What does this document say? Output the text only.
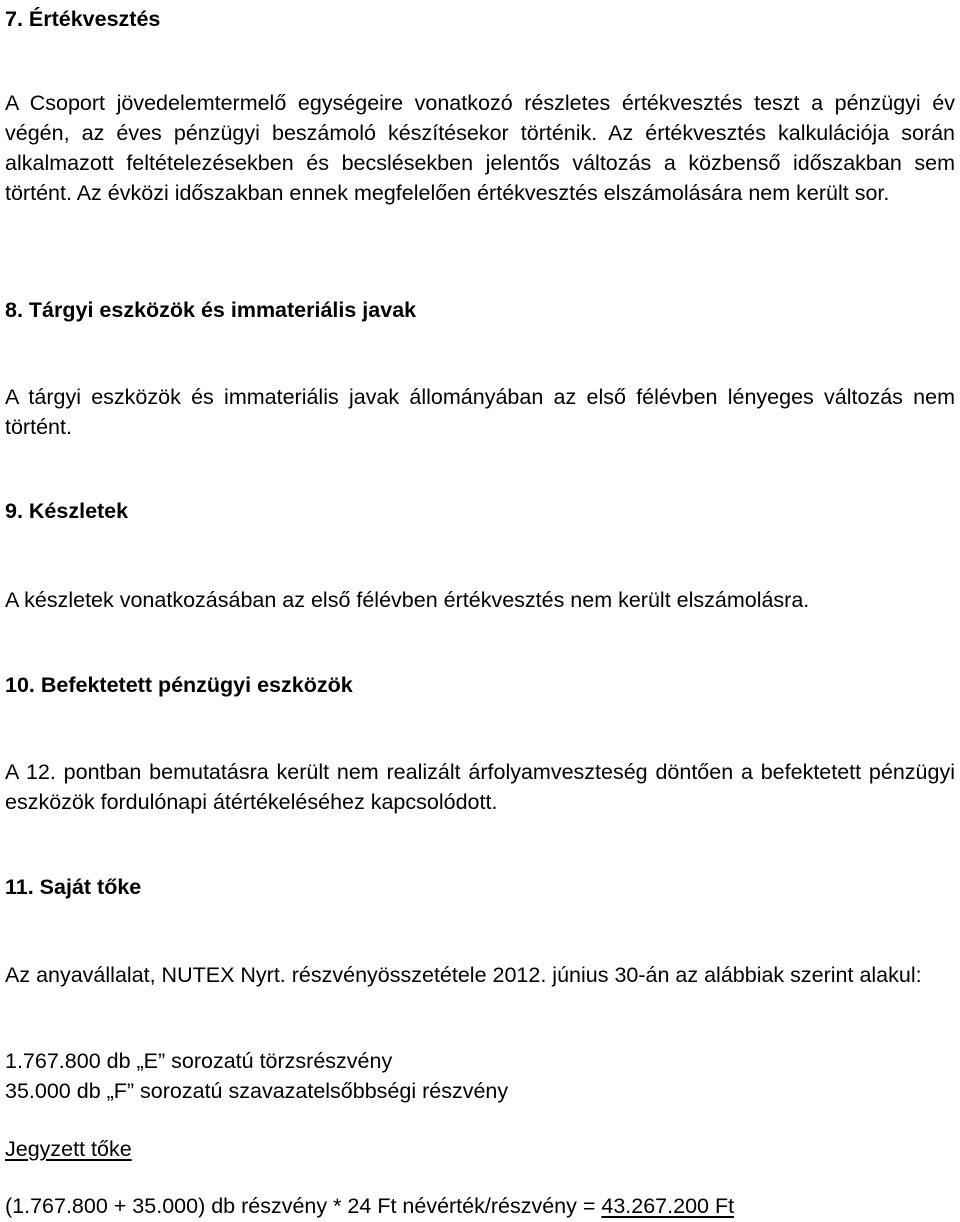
7. Értékvesztés

A Csoport jövedelemtermelő egységeire vonatkozó részletes értékvesztés teszt a pénzügyi év végén, az éves pénzügyi beszámoló készítésekor történik. Az értékvesztés kalkulációja során alkalmazott feltételezésekben és becslésekben jelentős változás a közbenső időszakban sem történt. Az évközi időszakban ennek megfelelően értékvesztés elszámolására nem került sor.

8. Tárgyi eszközök és immateriális javak

A tárgyi eszközök és immateriális javak állományában az első félévben lényeges változás nem történt.

9. Készletek

A készletek vonatkozásában az első félévben értékvesztés nem került elszámolásra.

10. Befektetett pénzügyi eszközök

A 12. pontban bemutatásra került nem realizált árfolyamveszteség döntően a befektetett pénzügyi eszközök fordulónapi átértékeléséhez kapcsolódott.

11. Saját tőke

Az anyavállalat, NUTEX Nyrt. részvényösszetétele 2012. június 30-án az alábbiak szerint alakul:

1.767.800 db „E” sorozatú törzsrészvény
35.000 db „F” sorozatú szavazatelsőbbségi részvény
Jegyzett tőke
(1.767.800 + 35.000) db részvény * 24 Ft névérték/részvény = 43.267.200 Ft
